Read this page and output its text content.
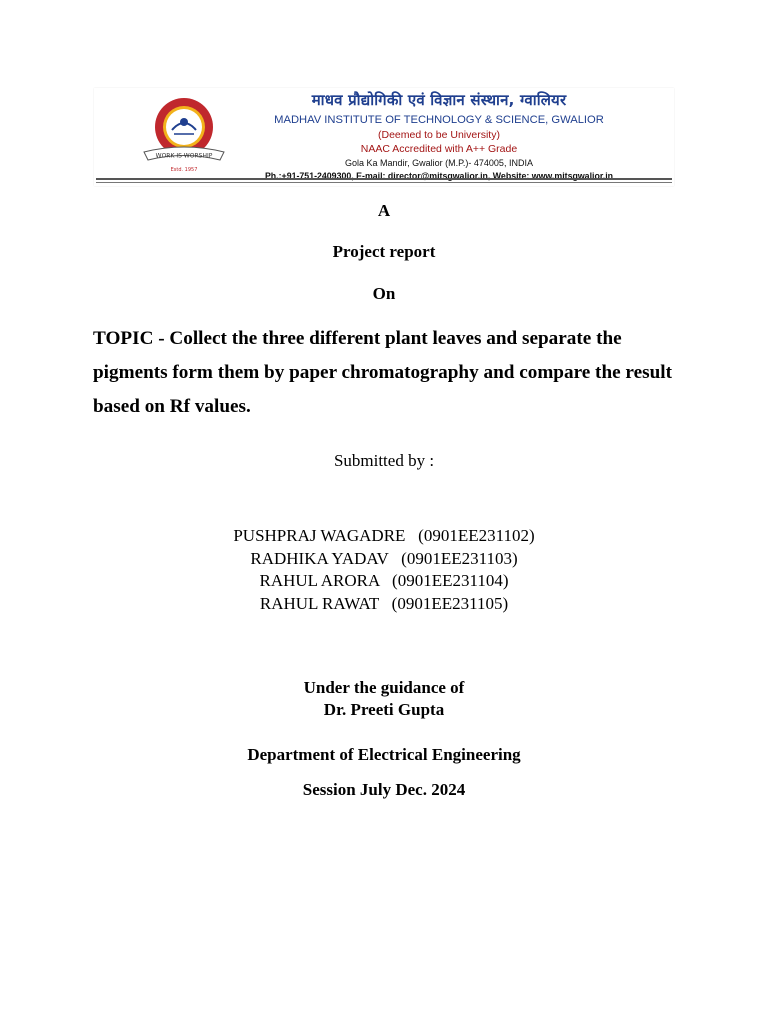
WORK IS WORSHIP
Estd. 1957
माधव प्रौद्योगिकी एवं विज्ञान संस्थान, ग्वालियर
MADHAV INSTITUTE OF TECHNOLOGY & SCIENCE, GWALIOR
(Deemed to be University)
NAAC Accredited with A++ Grade
Gola Ka Mandir, Gwalior (M.P.)- 474005, INDIA
Ph.:+91-751-2409300, E-mail: director@mitsgwalior.in, Website: www.mitsgwalior.in
A
Project report
On
TOPIC - Collect the three different plant leaves and separate the pigments form them by paper chromatography and compare the result based on Rf values.
Submitted by :
PUSHPRAJ WAGADRE   (0901EE231102)
RADHIKA YADAV   (0901EE231103)
RAHUL ARORA   (0901EE231104)
RAHUL RAWAT   (0901EE231105)
Under the guidance of
Dr. Preeti Gupta
Department of Electrical Engineering
Session July Dec. 2024
